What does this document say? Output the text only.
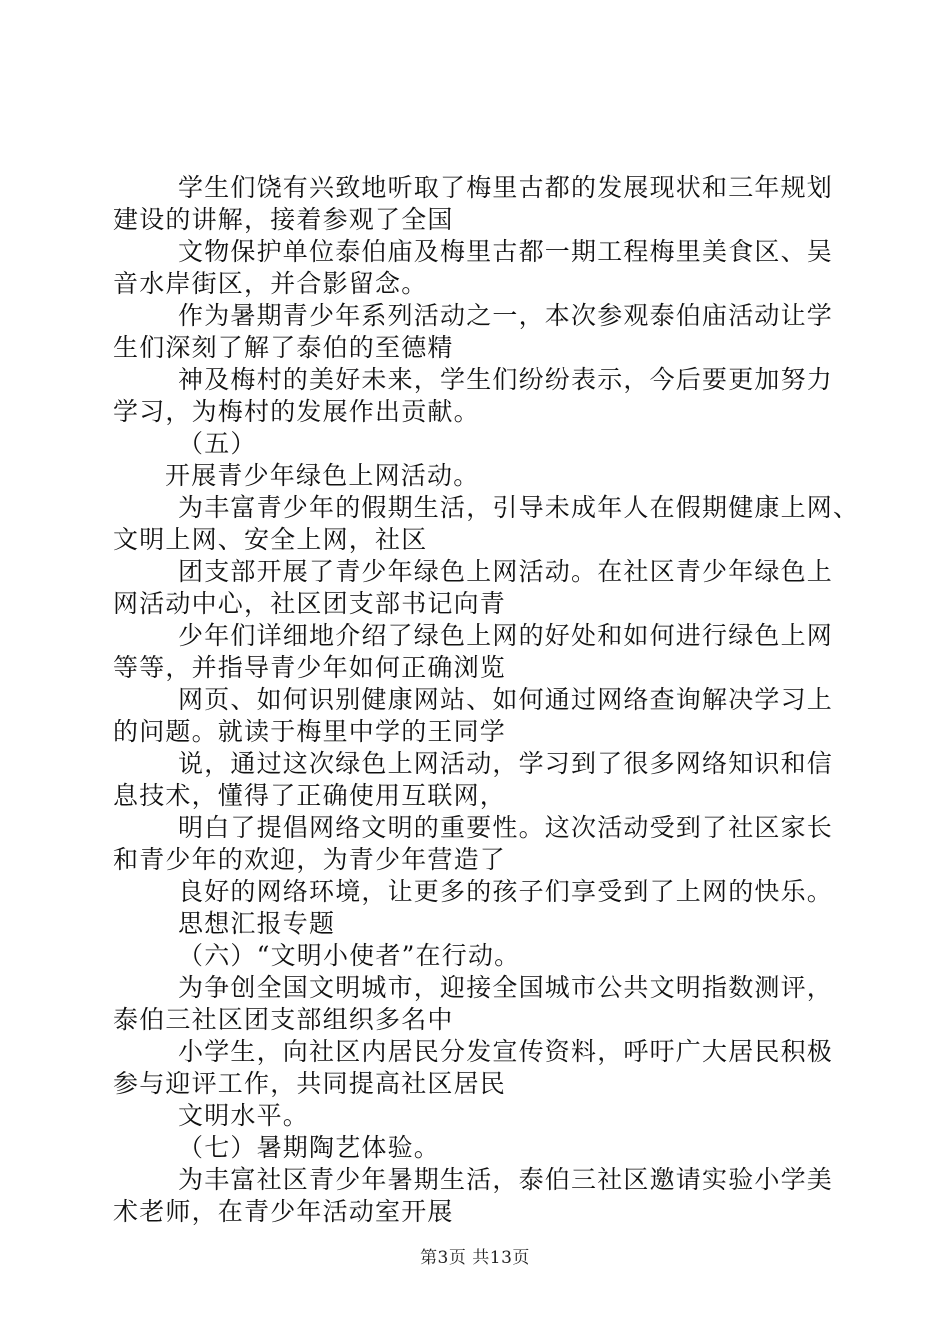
学生们饶有兴致地听取了梅里古都的发展现状和三年规划
建设的讲解，接着参观了全国
文物保护单位泰伯庙及梅里古都一期工程梅里美食区、吴
音水岸街区，并合影留念。
作为暑期青少年系列活动之一，本次参观泰伯庙活动让学
生们深刻了解了泰伯的至德精
神及梅村的美好未来，学生们纷纷表示，今后要更加努力
学习，为梅村的发展作出贡献。
（五）
开展青少年绿色上网活动。
为丰富青少年的假期生活，引导未成年人在假期健康上网、
文明上网、安全上网，社区
团支部开展了青少年绿色上网活动。在社区青少年绿色上
网活动中心，社区团支部书记向青
少年们详细地介绍了绿色上网的好处和如何进行绿色上网
等等，并指导青少年如何正确浏览
网页、如何识别健康网站、如何通过网络查询解决学习上
的问题。就读于梅里中学的王同学
说，通过这次绿色上网活动，学习到了很多网络知识和信
息技术，懂得了正确使用互联网，
明白了提倡网络文明的重要性。这次活动受到了社区家长
和青少年的欢迎，为青少年营造了
良好的网络环境，让更多的孩子们享受到了上网的快乐。
思想汇报专题
（六）“文明小使者”在行动。
为争创全国文明城市，迎接全国城市公共文明指数测评，
泰伯三社区团支部组织多名中
小学生，向社区内居民分发宣传资料，呼吁广大居民积极
参与迎评工作，共同提高社区居民
文明水平。
（七）暑期陶艺体验。
为丰富社区青少年暑期生活，泰伯三社区邀请实验小学美
术老师，在青少年活动室开展
第3页 共13页
